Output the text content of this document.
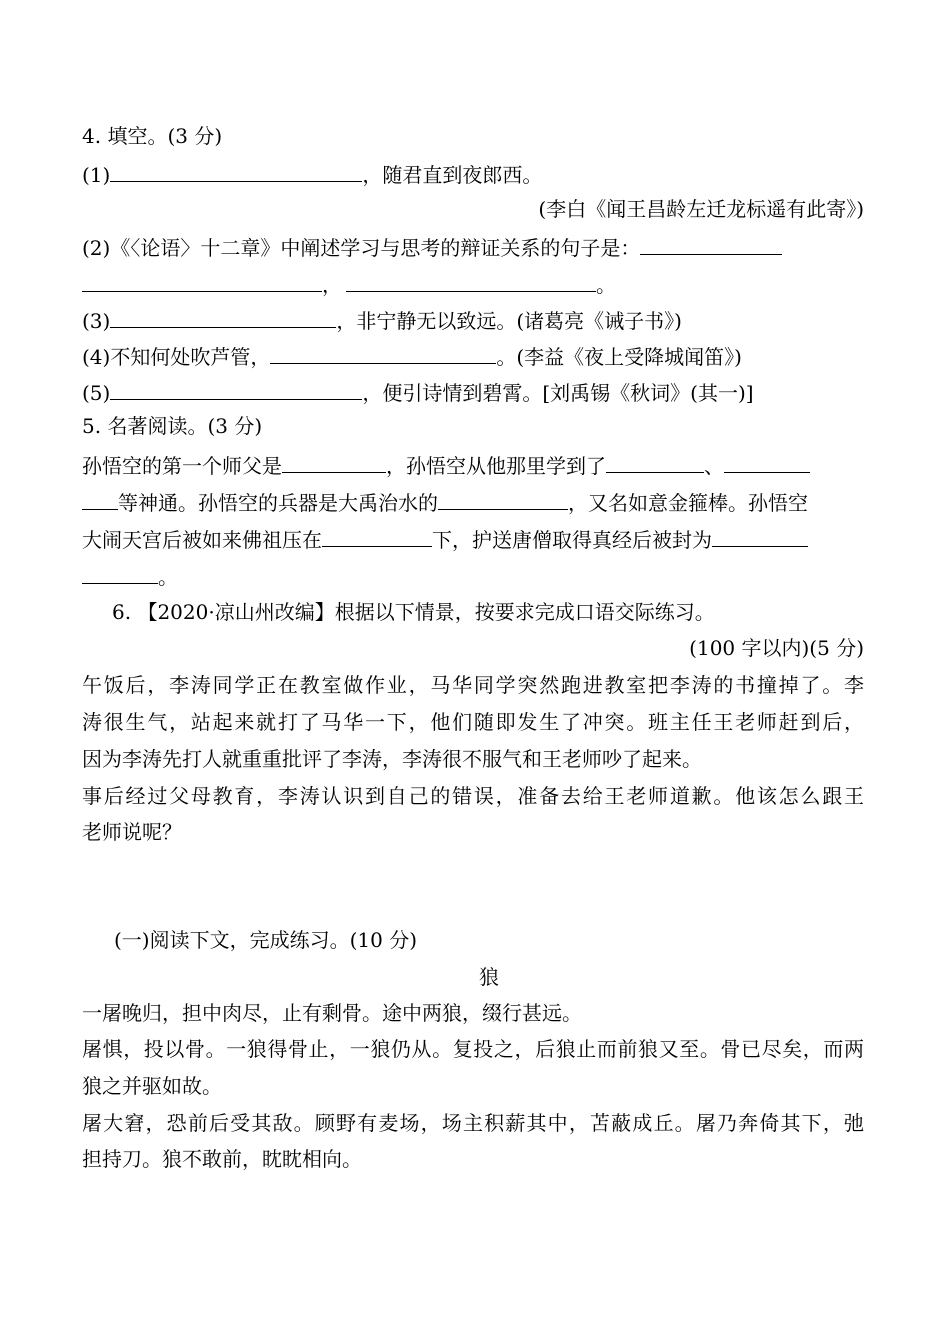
4. 填空。(3 分)
(1)	，随君直到夜郎西。
(李白《闻王昌龄左迁龙标遥有此寄》)
(2)《〈论语〉十二章》中阐述学习与思考的辩证关系的句子是：
，	。
(3)	，非宁静无以致远。(诸葛亮《诫子书》)
(4)不知何处吹芦管，	。(李益《夜上受降城闻笛》)
(5)	，便引诗情到碧霄。[刘禹锡《秋词》(其一)]
5. 名著阅读。(3 分)
孙悟空的第一个师父是	，孙悟空从他那里学到了	、
等神通。孙悟空的兵器是大禹治水的	，又名如意金箍棒。孙悟空
大闹天宫后被如来佛祖压在	下，护送唐僧取得真经后被封为
。
6. 【2020·凉山州改编】根据以下情景，按要求完成口语交际练习。
(100 字以内)(5 分)
午饭后，李涛同学正在教室做作业，马华同学突然跑进教室把李涛的书撞掉了。李
涛很生气，站起来就打了马华一下，他们随即发生了冲突。班主任王老师赶到后，
因为李涛先打人就重重批评了李涛，李涛很不服气和王老师吵了起来。
事后经过父母教育，李涛认识到自己的错误，准备去给王老师道歉。他该怎么跟王
老师说呢？
(一)阅读下文，完成练习。(10 分)
狼
一屠晚归，担中肉尽，止有剩骨。途中两狼，缀行甚远。
屠惧，投以骨。一狼得骨止，一狼仍从。复投之，后狼止而前狼又至。骨已尽矣，而两
狼之并驱如故。
屠大窘，恐前后受其敌。顾野有麦场，场主积薪其中，苫蔽成丘。屠乃奔倚其下，弛
担持刀。狼不敢前，眈眈相向。
